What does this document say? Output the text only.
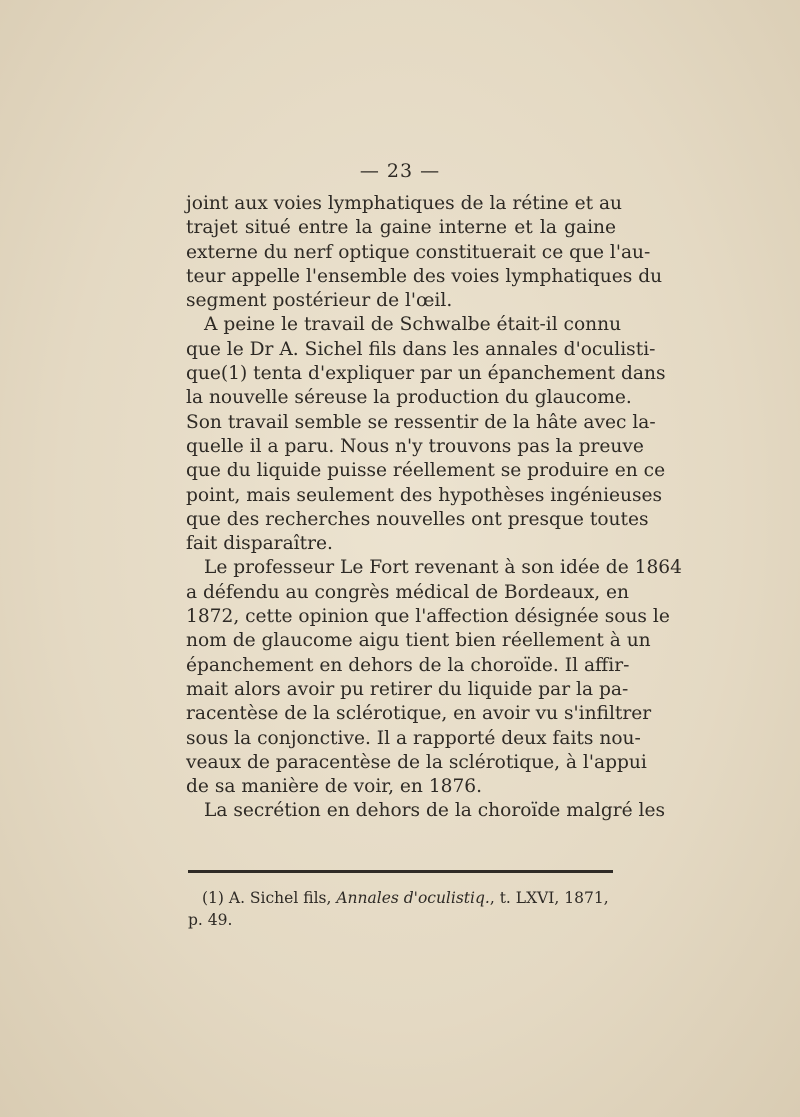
— 23 —
joint aux voies lymphatiques de la rétine et au
trajet situé entre la gaine interne et la gaine
externe du nerf optique constituerait ce que l'au-
teur appelle l'ensemble des voies lymphatiques du
segment postérieur de l'œil.
A peine le travail de Schwalbe était-il connu
que le Dr A. Sichel fils dans les annales d'oculisti-
que(1) tenta d'expliquer par un épanchement dans
la nouvelle séreuse la production du glaucome.
Son travail semble se ressentir de la hâte avec la-
quelle il a paru. Nous n'y trouvons pas la preuve
que du liquide puisse réellement se produire en ce
point, mais seulement des hypothèses ingénieuses
que des recherches nouvelles ont presque toutes
fait disparaître.
Le professeur Le Fort revenant à son idée de 1864
a défendu au congrès médical de Bordeaux, en
1872, cette opinion que l'affection désignée sous le
nom de glaucome aigu tient bien réellement à un
épanchement en dehors de la choroïde. Il affir-
mait alors avoir pu retirer du liquide par la pa-
racentèse de la sclérotique, en avoir vu s'infiltrer
sous la conjonctive. Il a rapporté deux faits nou-
veaux de paracentèse de la sclérotique, à l'appui
de sa manière de voir, en 1876.
La secrétion en dehors de la choroïde malgré les
(1) A. Sichel fils, Annales d'oculistiq., t. LXVI, 1871,
p. 49.
